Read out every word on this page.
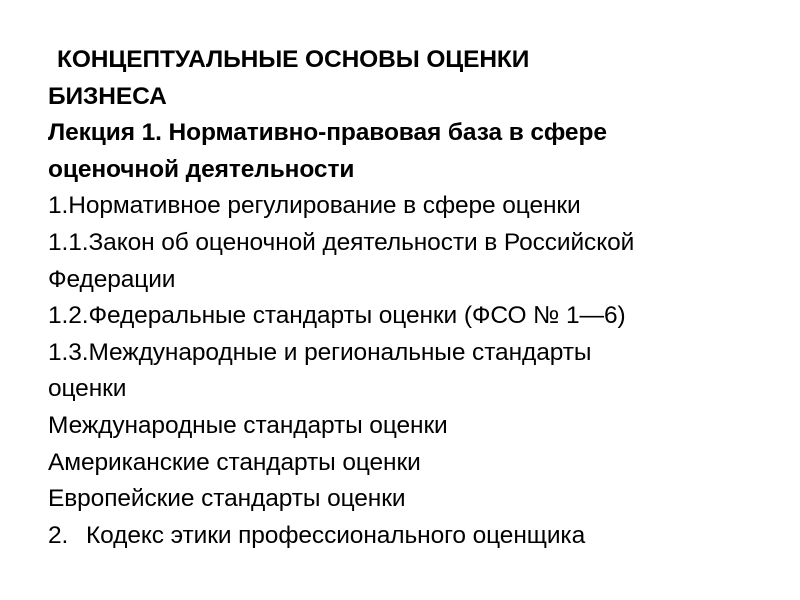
КОНЦЕПТУАЛЬНЫЕ ОСНОВЫ ОЦЕНКИ
БИЗНЕСА
Лекция 1. Нормативно-правовая база в сфере
оценочной деятельности
1.Нормативное регулирование в сфере оценки
1.1.Закон об оценочной деятельности в Российской
Федерации
1.2.Федеральные стандарты оценки (ФСО № 1—6)
1.3.Международные и региональные стандарты
оценки
Международные стандарты оценки
Американские стандарты оценки
Европейские стандарты оценки
2. Кодекс этики профессионального оценщика
